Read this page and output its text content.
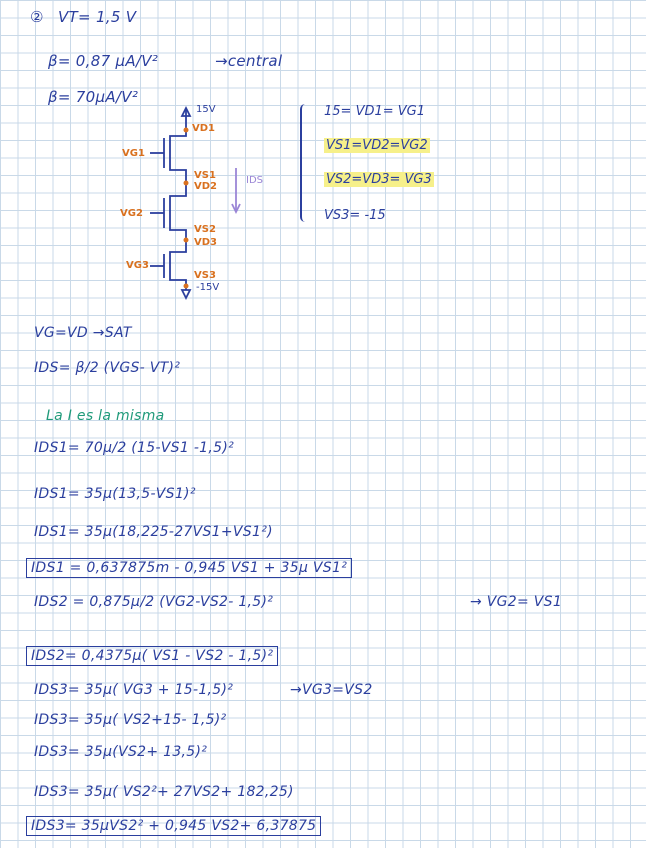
② VT= 1,5 V
β= 0,87 μA/V²	→central
β= 70μA/V²
15V
VD1
VG1
VS1
VD2
IDS
VG2
VS2
VD3
VG3
VS3
-15V
15= VD1= VG1
VS1=VD2=VG2
VS2=VD3= VG3
VS3= -15
VG=VD →SAT
IDS= β/2 (VGS- VT)²
La I es la misma
IDS1= 70μ/2 (15-VS1 -1,5)²
IDS1= 35μ(13,5-VS1)²
IDS1= 35μ(18,225-27VS1+VS1²)
IDS1 = 0,637875m - 0,945 VS1 + 35μ VS1²
IDS2 = 0,875μ/2 (VG2-VS2- 1,5)²	→ VG2= VS1
IDS2= 0,4375μ( VS1 - VS2 - 1,5)²
IDS3= 35μ( VG3 + 15-1,5)²	→VG3=VS2
IDS3= 35μ( VS2+15- 1,5)²
IDS3= 35μ(VS2+ 13,5)²
IDS3= 35μ( VS2²+ 27VS2+ 182,25)
IDS3= 35μVS2² + 0,945 VS2+ 6,37875
